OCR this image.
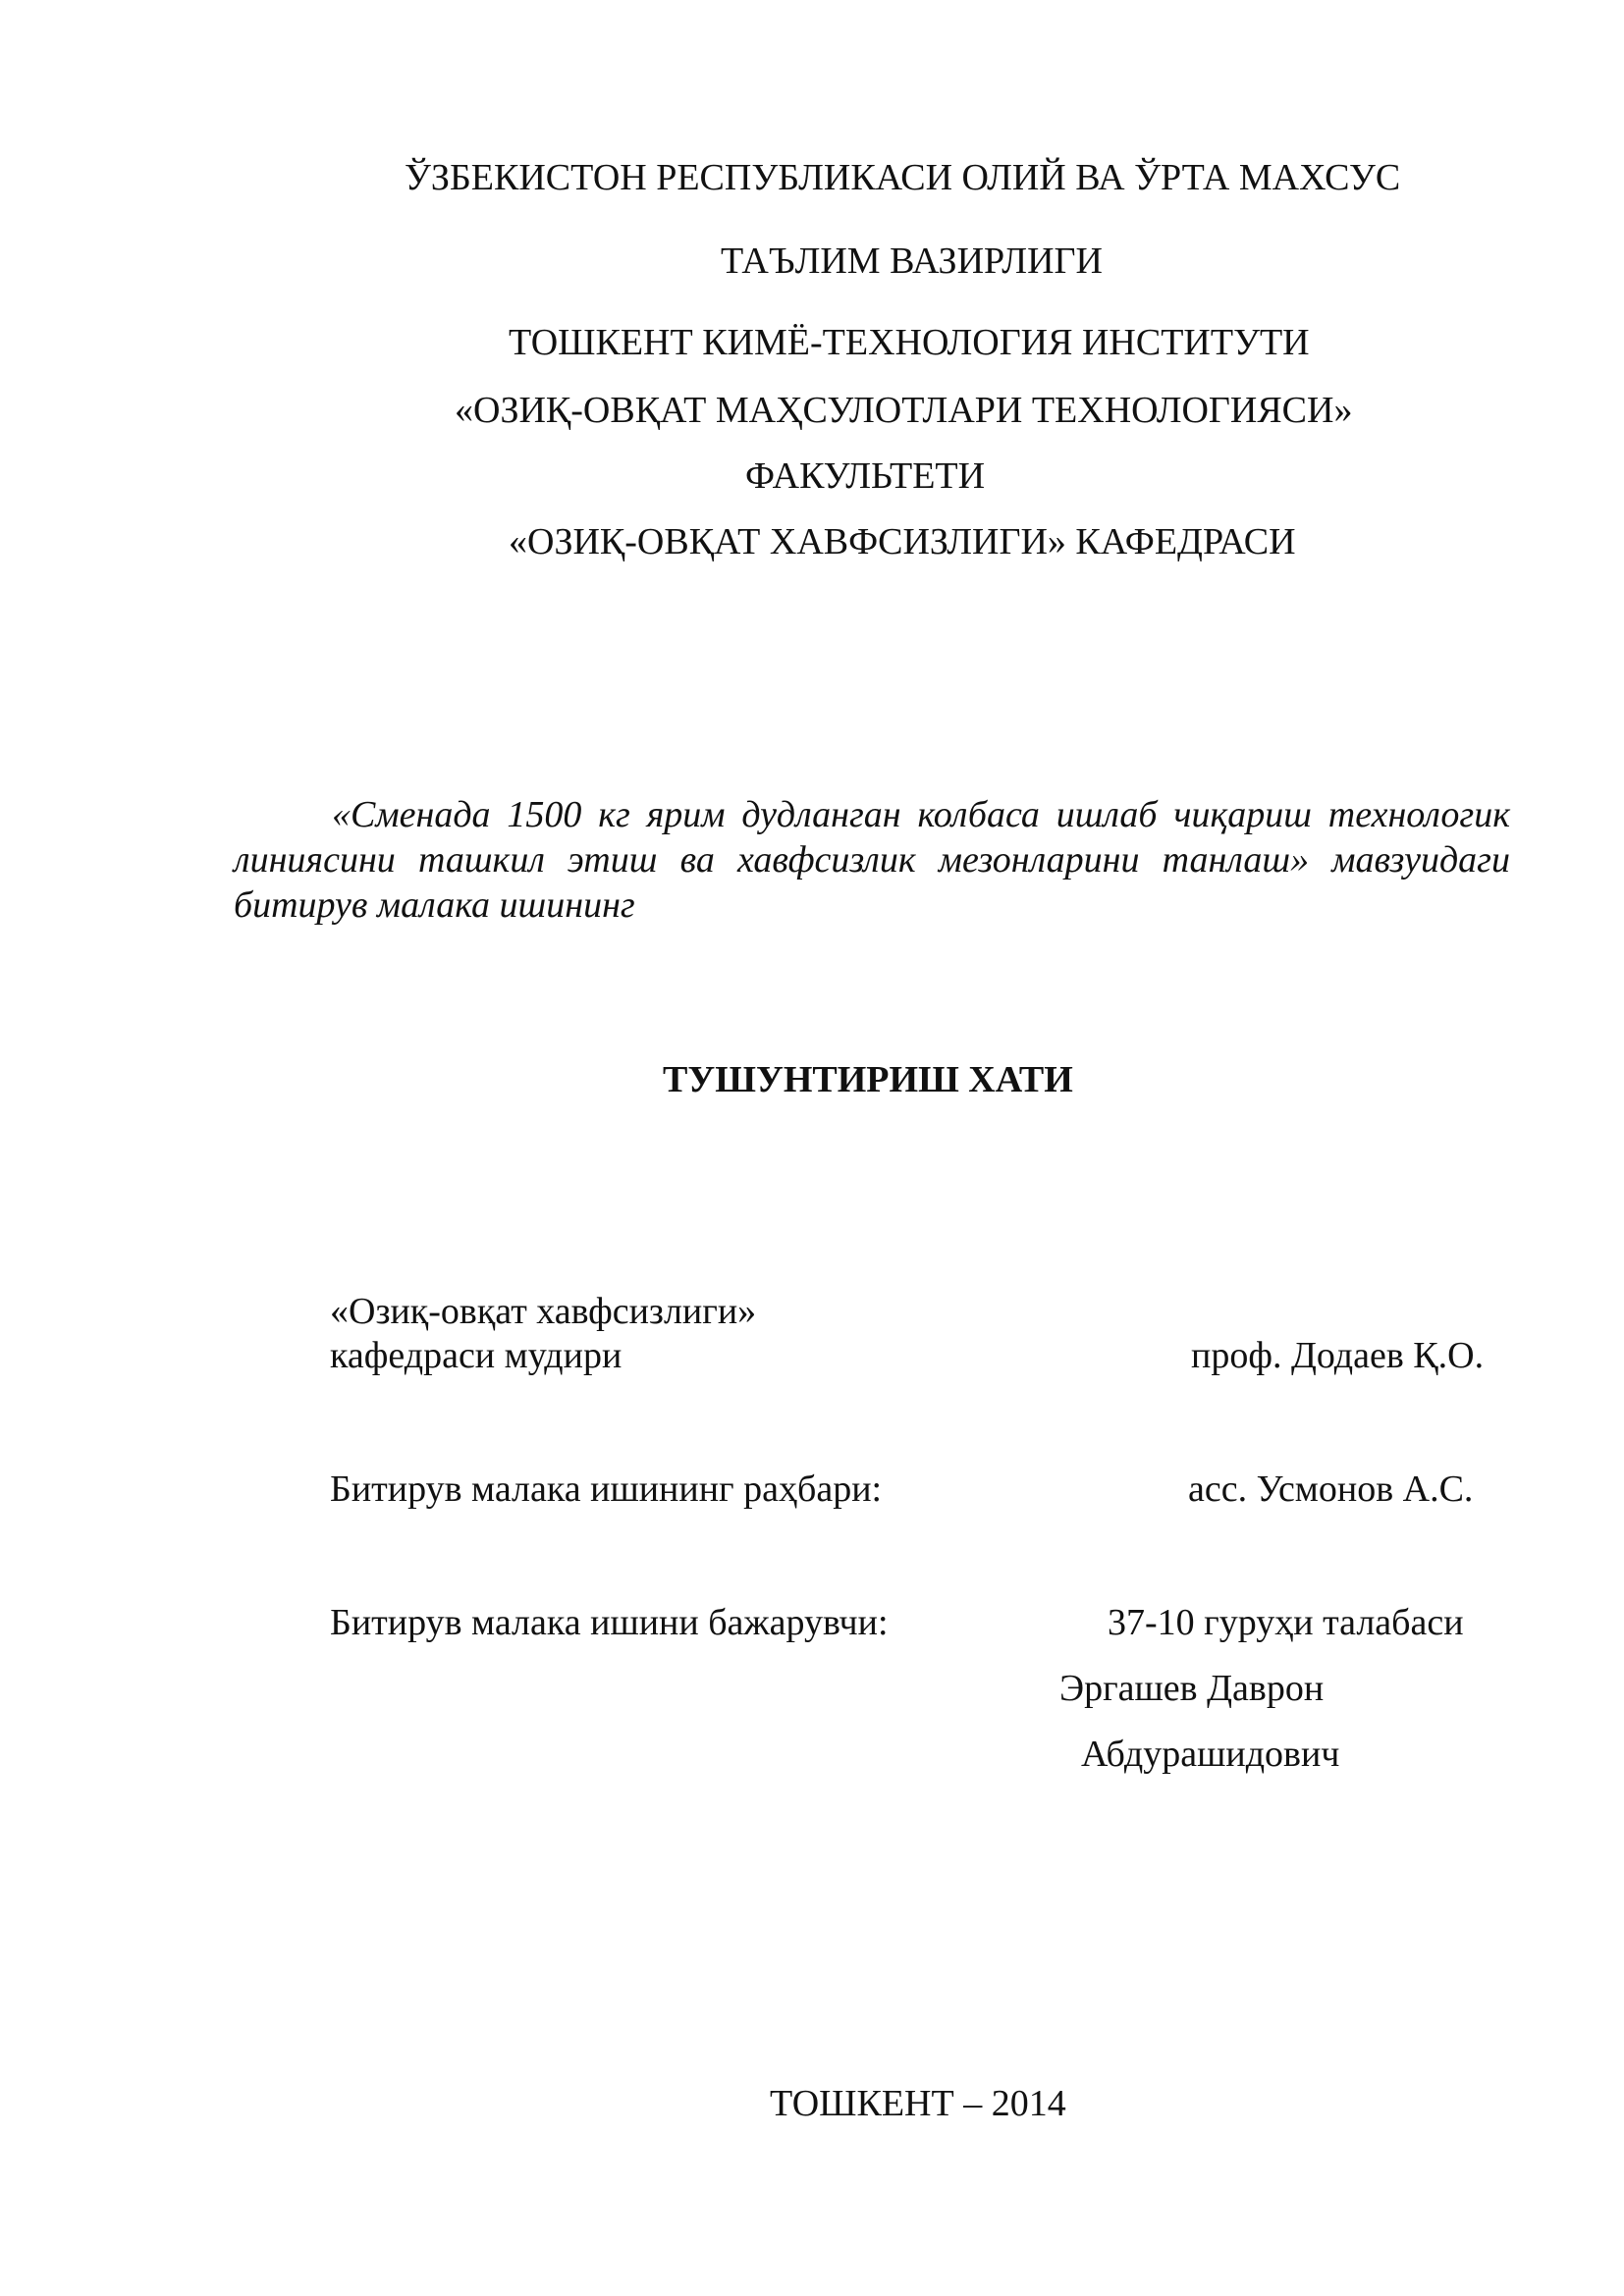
ЎЗБЕКИСТОН РЕСПУБЛИКАСИ ОЛИЙ ВА ЎРТА МАХСУС
ТАЪЛИМ ВАЗИРЛИГИ
ТОШКЕНТ КИМЁ-ТЕХНОЛОГИЯ ИНСТИТУТИ
«ОЗИҚ-ОВҚАТ МАҲСУЛОТЛАРИ ТЕХНОЛОГИЯСИ»
ФАКУЛЬТЕТИ
«ОЗИҚ-ОВҚАТ ХАВФСИЗЛИГИ» КАФЕДРАСИ
«Сменада 1500 кг ярим дудланган колбаса ишлаб чиқариш технологик линиясини ташкил этиш ва хавфсизлик мезонларини танлаш» мавзуидаги битирув малака ишининг
ТУШУНТИРИШ ХАТИ
«Озиқ-овқат хавфсизлиги»
кафедраси мудири	проф. Додаев Қ.О.
Битирув малака ишининг раҳбари:	асс. Усмонов А.С.
Битирув малака ишини бажарувчи:	37-10 гуруҳи талабаси
Эргашев Даврон
Абдурашидович
ТОШКЕНТ – 2014
